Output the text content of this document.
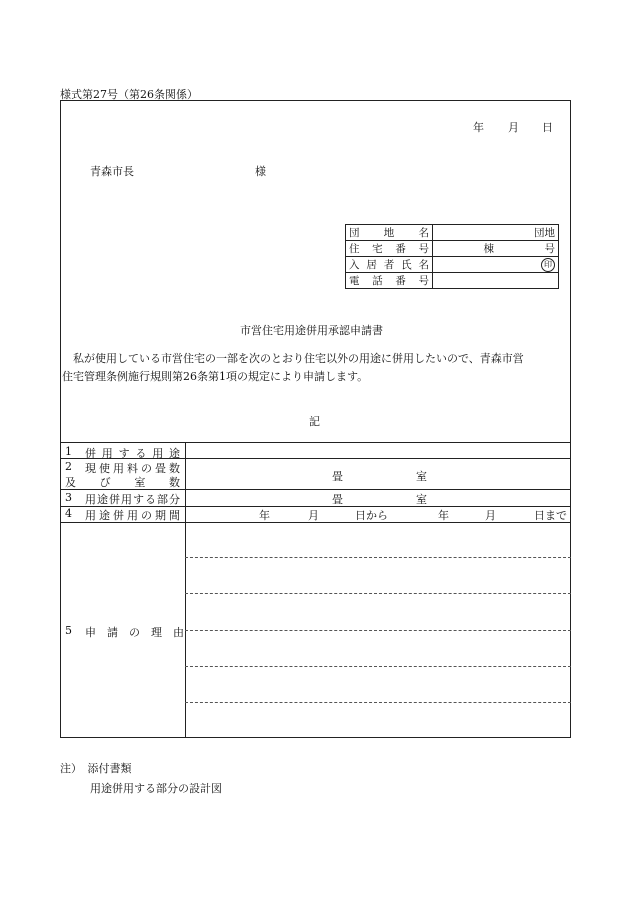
様式第27号（第26条関係）
年 月 日
青森市長	様
団　地　名	団地
住　宅　番　号	棟 号

入居者氏名	印
電　話　番　号	
市営住宅用途併用承認申請書
　私が使用している市営住宅の一部を次のとおり住宅以外の用途に併用したいので、青森市営
住宅管理条例施行規則第26条第1項の規定により申請します。
記
1 併用する用途
2 現使用料の畳数
及　び　室　数	畳	室
3 用途併用する部分	畳	室
4 用途併用の期間	年	月	日から	年	月	日まで
5 申　請　の　理　由
注）　添付書類
用途併用する部分の設計図
